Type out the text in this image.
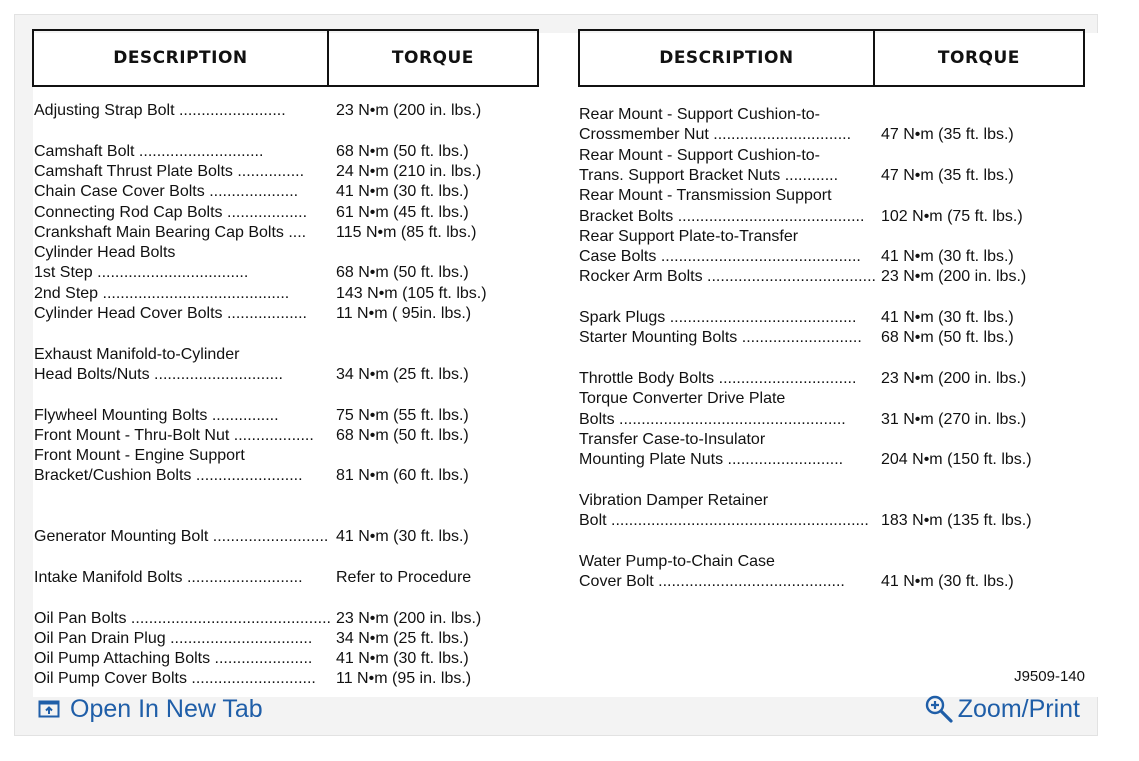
DESCRIPTION	TORQUE	DESCRIPTION	TORQUE
Adjusting Strap Bolt ........................	23 N•m (200 in. lbs.)
Camshaft Bolt ............................	68 N•m (50 ft. lbs.)
Camshaft Thrust Plate Bolts ...............	24 N•m (210 in. lbs.)
Chain Case Cover Bolts ....................	41 N•m (30 ft. lbs.)
Connecting Rod Cap Bolts ..................	61 N•m (45 ft. lbs.)
Crankshaft Main Bearing Cap Bolts ....	115 N•m (85 ft. lbs.)
Cylinder Head Bolts
1st Step ..................................	68 N•m (50 ft. lbs.)
2nd Step ..........................................	143 N•m (105 ft. lbs.)
Cylinder Head Cover Bolts ..................	11 N•m ( 95in. lbs.)
Exhaust Manifold-to-Cylinder
Head Bolts/Nuts .............................	34 N•m (25 ft. lbs.)
Flywheel Mounting Bolts ...............	75 N•m (55 ft. lbs.)
Front Mount - Thru-Bolt Nut ..................	68 N•m (50 ft. lbs.)
Front Mount - Engine Support
Bracket/Cushion Bolts ........................	81 N•m (60 ft. lbs.)
Generator Mounting Bolt .......................... 41 N•m (30 ft. lbs.)
Intake Manifold Bolts ..........................	Refer to Procedure
Oil Pan Bolts ............................................. 23 N•m (200 in. lbs.)
Oil Pan Drain Plug ................................	34 N•m (25 ft. lbs.)
Oil Pump Attaching Bolts ......................	41 N•m (30 ft. lbs.)
Oil Pump Cover Bolts ............................	11 N•m (95 in. lbs.)
Rear Mount - Support Cushion-to-
Crossmember Nut ...............................	47 N•m (35 ft. lbs.)
Rear Mount - Support Cushion-to-
Trans. Support Bracket Nuts ............	47 N•m (35 ft. lbs.)
Rear Mount - Transmission Support
Bracket Bolts ..........................................	102 N•m (75 ft. lbs.)
Rear Support Plate-to-Transfer
Case Bolts .............................................	41 N•m (30 ft. lbs.)
Rocker Arm Bolts ...................................... 23 N•m (200 in. lbs.)
Spark Plugs ..........................................	41 N•m (30 ft. lbs.)
Starter Mounting Bolts ...........................	68 N•m (50 ft. lbs.)
Throttle Body Bolts ...............................	23 N•m (200 in. lbs.)
Torque Converter Drive Plate
Bolts ...................................................	31 N•m (270 in. lbs.)
Transfer Case-to-Insulator
Mounting Plate Nuts ..........................	204 N•m (150 ft. lbs.)
Vibration Damper Retainer
Bolt .......................................................... 183 N•m (135 ft. lbs.)
Water Pump-to-Chain Case
Cover Bolt ..........................................	41 N•m (30 ft. lbs.)
J9509-140
Open In New Tab	Zoom/Print
